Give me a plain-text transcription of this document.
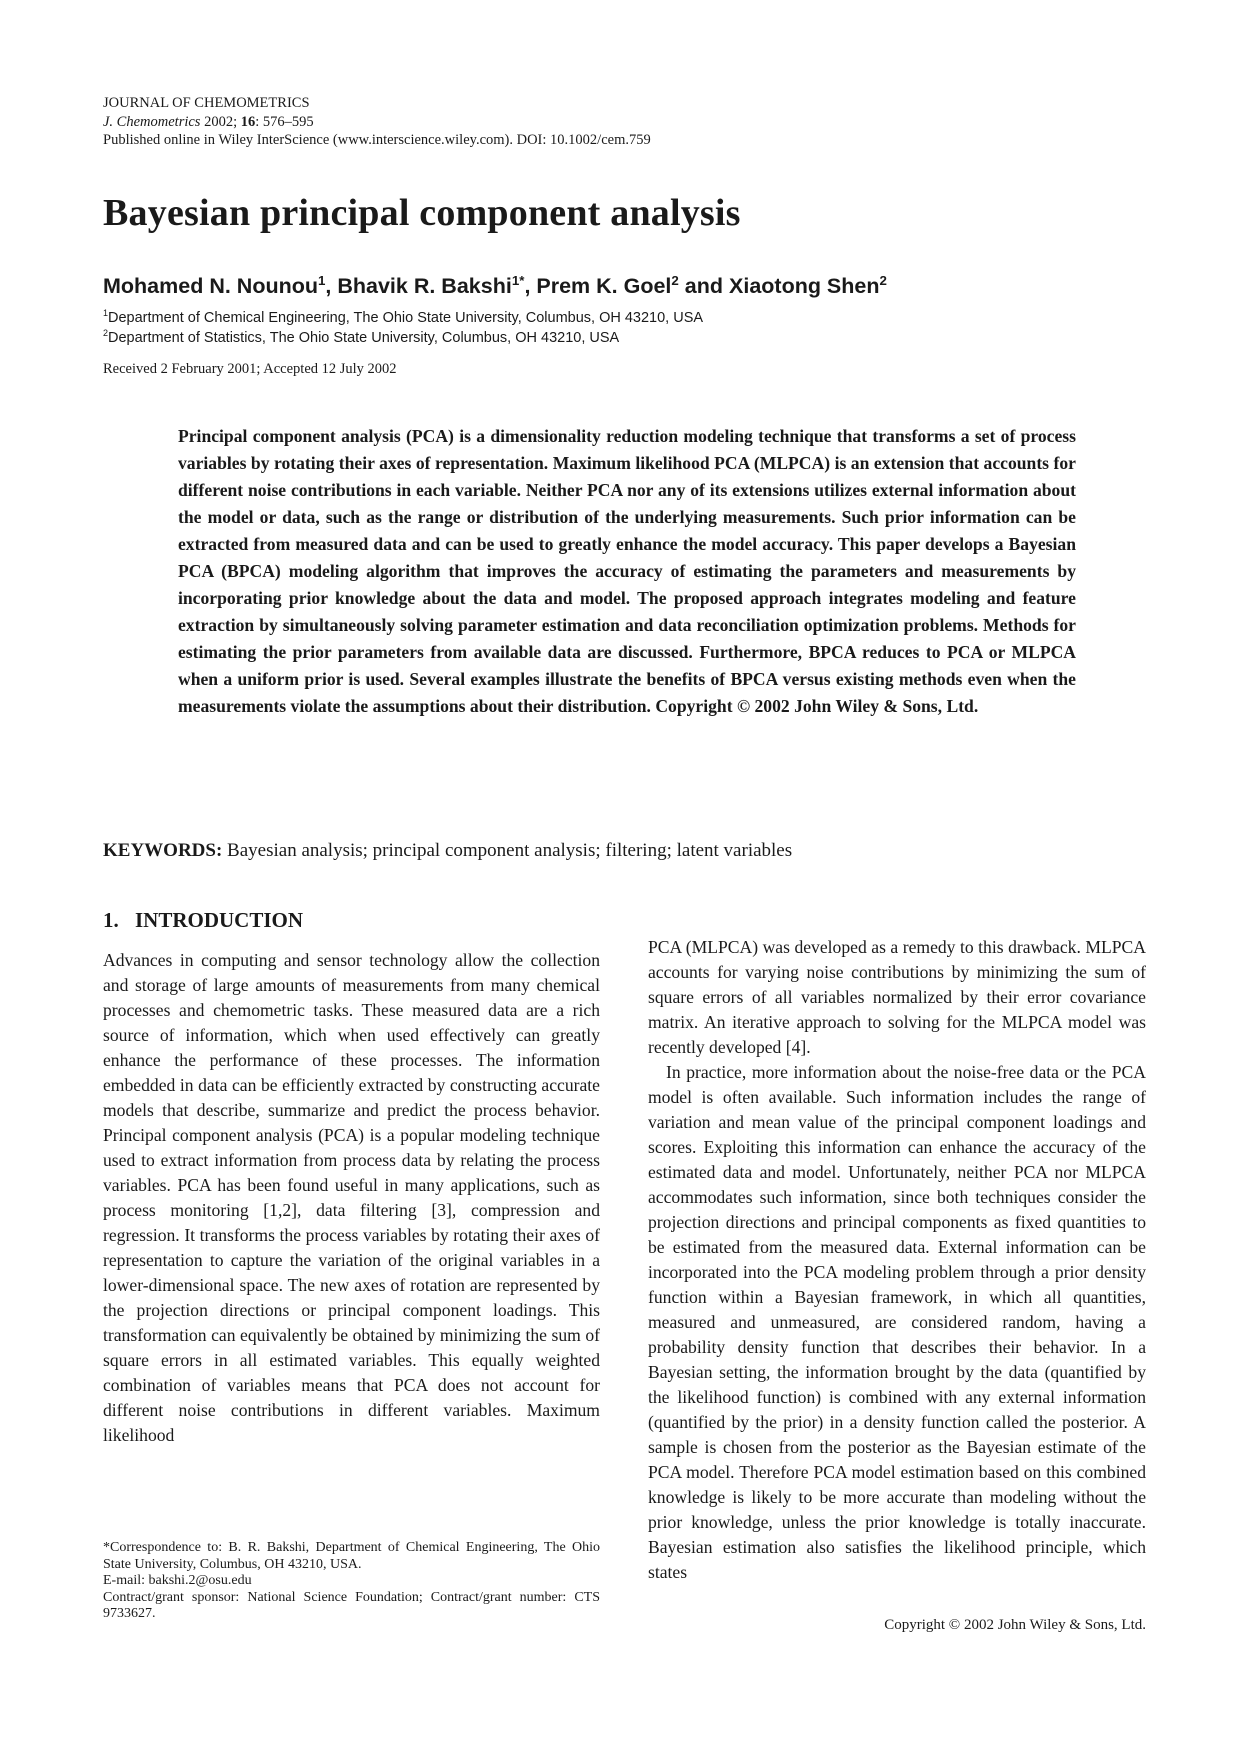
JOURNAL OF CHEMOMETRICS
J. Chemometrics 2002; 16: 576–595
Published online in Wiley InterScience (www.interscience.wiley.com). DOI: 10.1002/cem.759
Bayesian principal component analysis
Mohamed N. Nounou$^1$, Bhavik R. Bakshi$^{1*}$, Prem K. Goel$^2$ and Xiaotong Shen$^2$
$^1$Department of Chemical Engineering, The Ohio State University, Columbus, OH 43210, USA
$^2$Department of Statistics, The Ohio State University, Columbus, OH 43210, USA
Received 2 February 2001; Accepted 12 July 2002

Principal component analysis (PCA) is a dimensionality reduction modeling technique that transforms a set of process variables by rotating their axes of representation. Maximum likelihood PCA (MLPCA) is an extension that accounts for different noise contributions in each variable. Neither PCA nor any of its extensions utilizes external information about the model or data, such as the range or distribution of the underlying measurements. Such prior information can be extracted from measured data and can be used to greatly enhance the model accuracy. This paper develops a Bayesian PCA (BPCA) modeling algorithm that improves the accuracy of estimating the parameters and measurements by incorporating prior knowledge about the data and model. The proposed approach integrates modeling and feature extraction by simultaneously solving parameter estimation and data reconciliation optimization problems. Methods for estimating the prior parameters from available data are discussed. Furthermore, BPCA reduces to PCA or MLPCA when a uniform prior is used. Several examples illustrate the benefits of BPCA versus existing methods even when the measurements violate the assumptions about their distribution. Copyright © 2002 John Wiley & Sons, Ltd.

KEYWORDS: Bayesian analysis; principal component analysis; filtering; latent variables
1. INTRODUCTION

Advances in computing and sensor technology allow the collection and storage of large amounts of measurements from many chemical processes and chemometric tasks. These measured data are a rich source of information, which when used effectively can greatly enhance the performance of these processes. The information embedded in data can be efficiently extracted by constructing accurate models that describe, summarize and predict the process behavior. Principal component analysis (PCA) is a popular modeling technique used to extract information from process data by relating the process variables. PCA has been found useful in many applications, such as process monitoring [1,2], data filtering [3], compression and regression. It transforms the process variables by rotating their axes of representation to capture the variation of the original variables in a lower-dimensional space. The new axes of rotation are represented by the projection directions or principal component loadings. This transformation can equivalently be obtained by minimizing the sum of square errors in all estimated variables. This equally weighted combination of variables means that PCA does not account for different noise contributions in different variables. Maximum likelihood

PCA (MLPCA) was developed as a remedy to this drawback. MLPCA accounts for varying noise contributions by minimizing the sum of square errors of all variables normalized by their error covariance matrix. An iterative approach to solving for the MLPCA model was recently developed [4].

In practice, more information about the noise-free data or the PCA model is often available. Such information includes the range of variation and mean value of the principal component loadings and scores. Exploiting this information can enhance the accuracy of the estimated data and model. Unfortunately, neither PCA nor MLPCA accommodates such information, since both techniques consider the projection directions and principal components as fixed quantities to be estimated from the measured data. External information can be incorporated into the PCA modeling problem through a prior density function within a Bayesian framework, in which all quantities, measured and unmeasured, are considered random, having a probability density function that describes their behavior. In a Bayesian setting, the information brought by the data (quantified by the likelihood function) is combined with any external information (quantified by the prior) in a density function called the posterior. A sample is chosen from the posterior as the Bayesian estimate of the PCA model. Therefore PCA model estimation based on this combined knowledge is likely to be more accurate than modeling without the prior knowledge, unless the prior knowledge is totally inaccurate. Bayesian estimation also satisfies the likelihood principle, which states

*Correspondence to: B. R. Bakshi, Department of Chemical Engineering, The Ohio State University, Columbus, OH 43210, USA.
E-mail: bakshi.2@osu.edu
Contract/grant sponsor: National Science Foundation; Contract/grant number: CTS 9733627.
Copyright © 2002 John Wiley & Sons, Ltd.
